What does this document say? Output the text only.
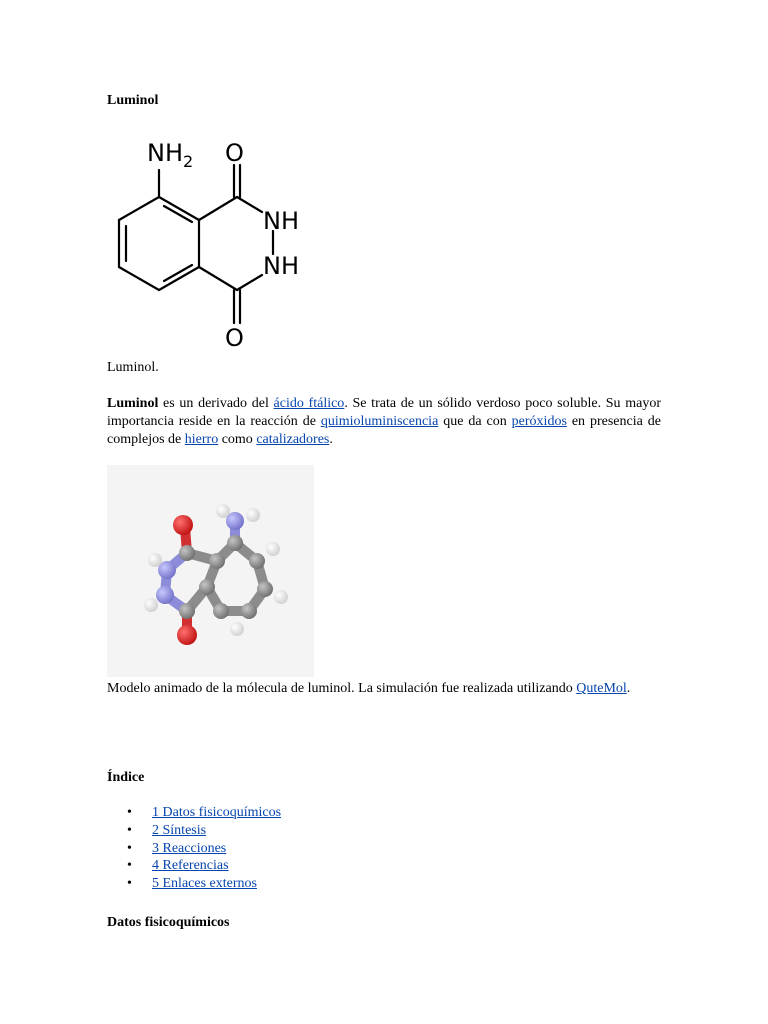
Luminol
$NH_2$ O
NH
NH
O
Luminol.
Luminol es un derivado del ácido ftálico. Se trata de un sólido verdoso poco soluble. Su mayor importancia reside en la reacción de quimioluminiscencia que da con peróxidos en presencia de complejos de hierro como catalizadores.
Modelo animado de la mólecula de luminol. La simulación fue realizada utilizando QuteMol.
Índice
• 1 Datos fisicoquímicos
• 2 Síntesis
• 3 Reacciones
• 4 Referencias
• 5 Enlaces externos
Datos fisicoquímicos
